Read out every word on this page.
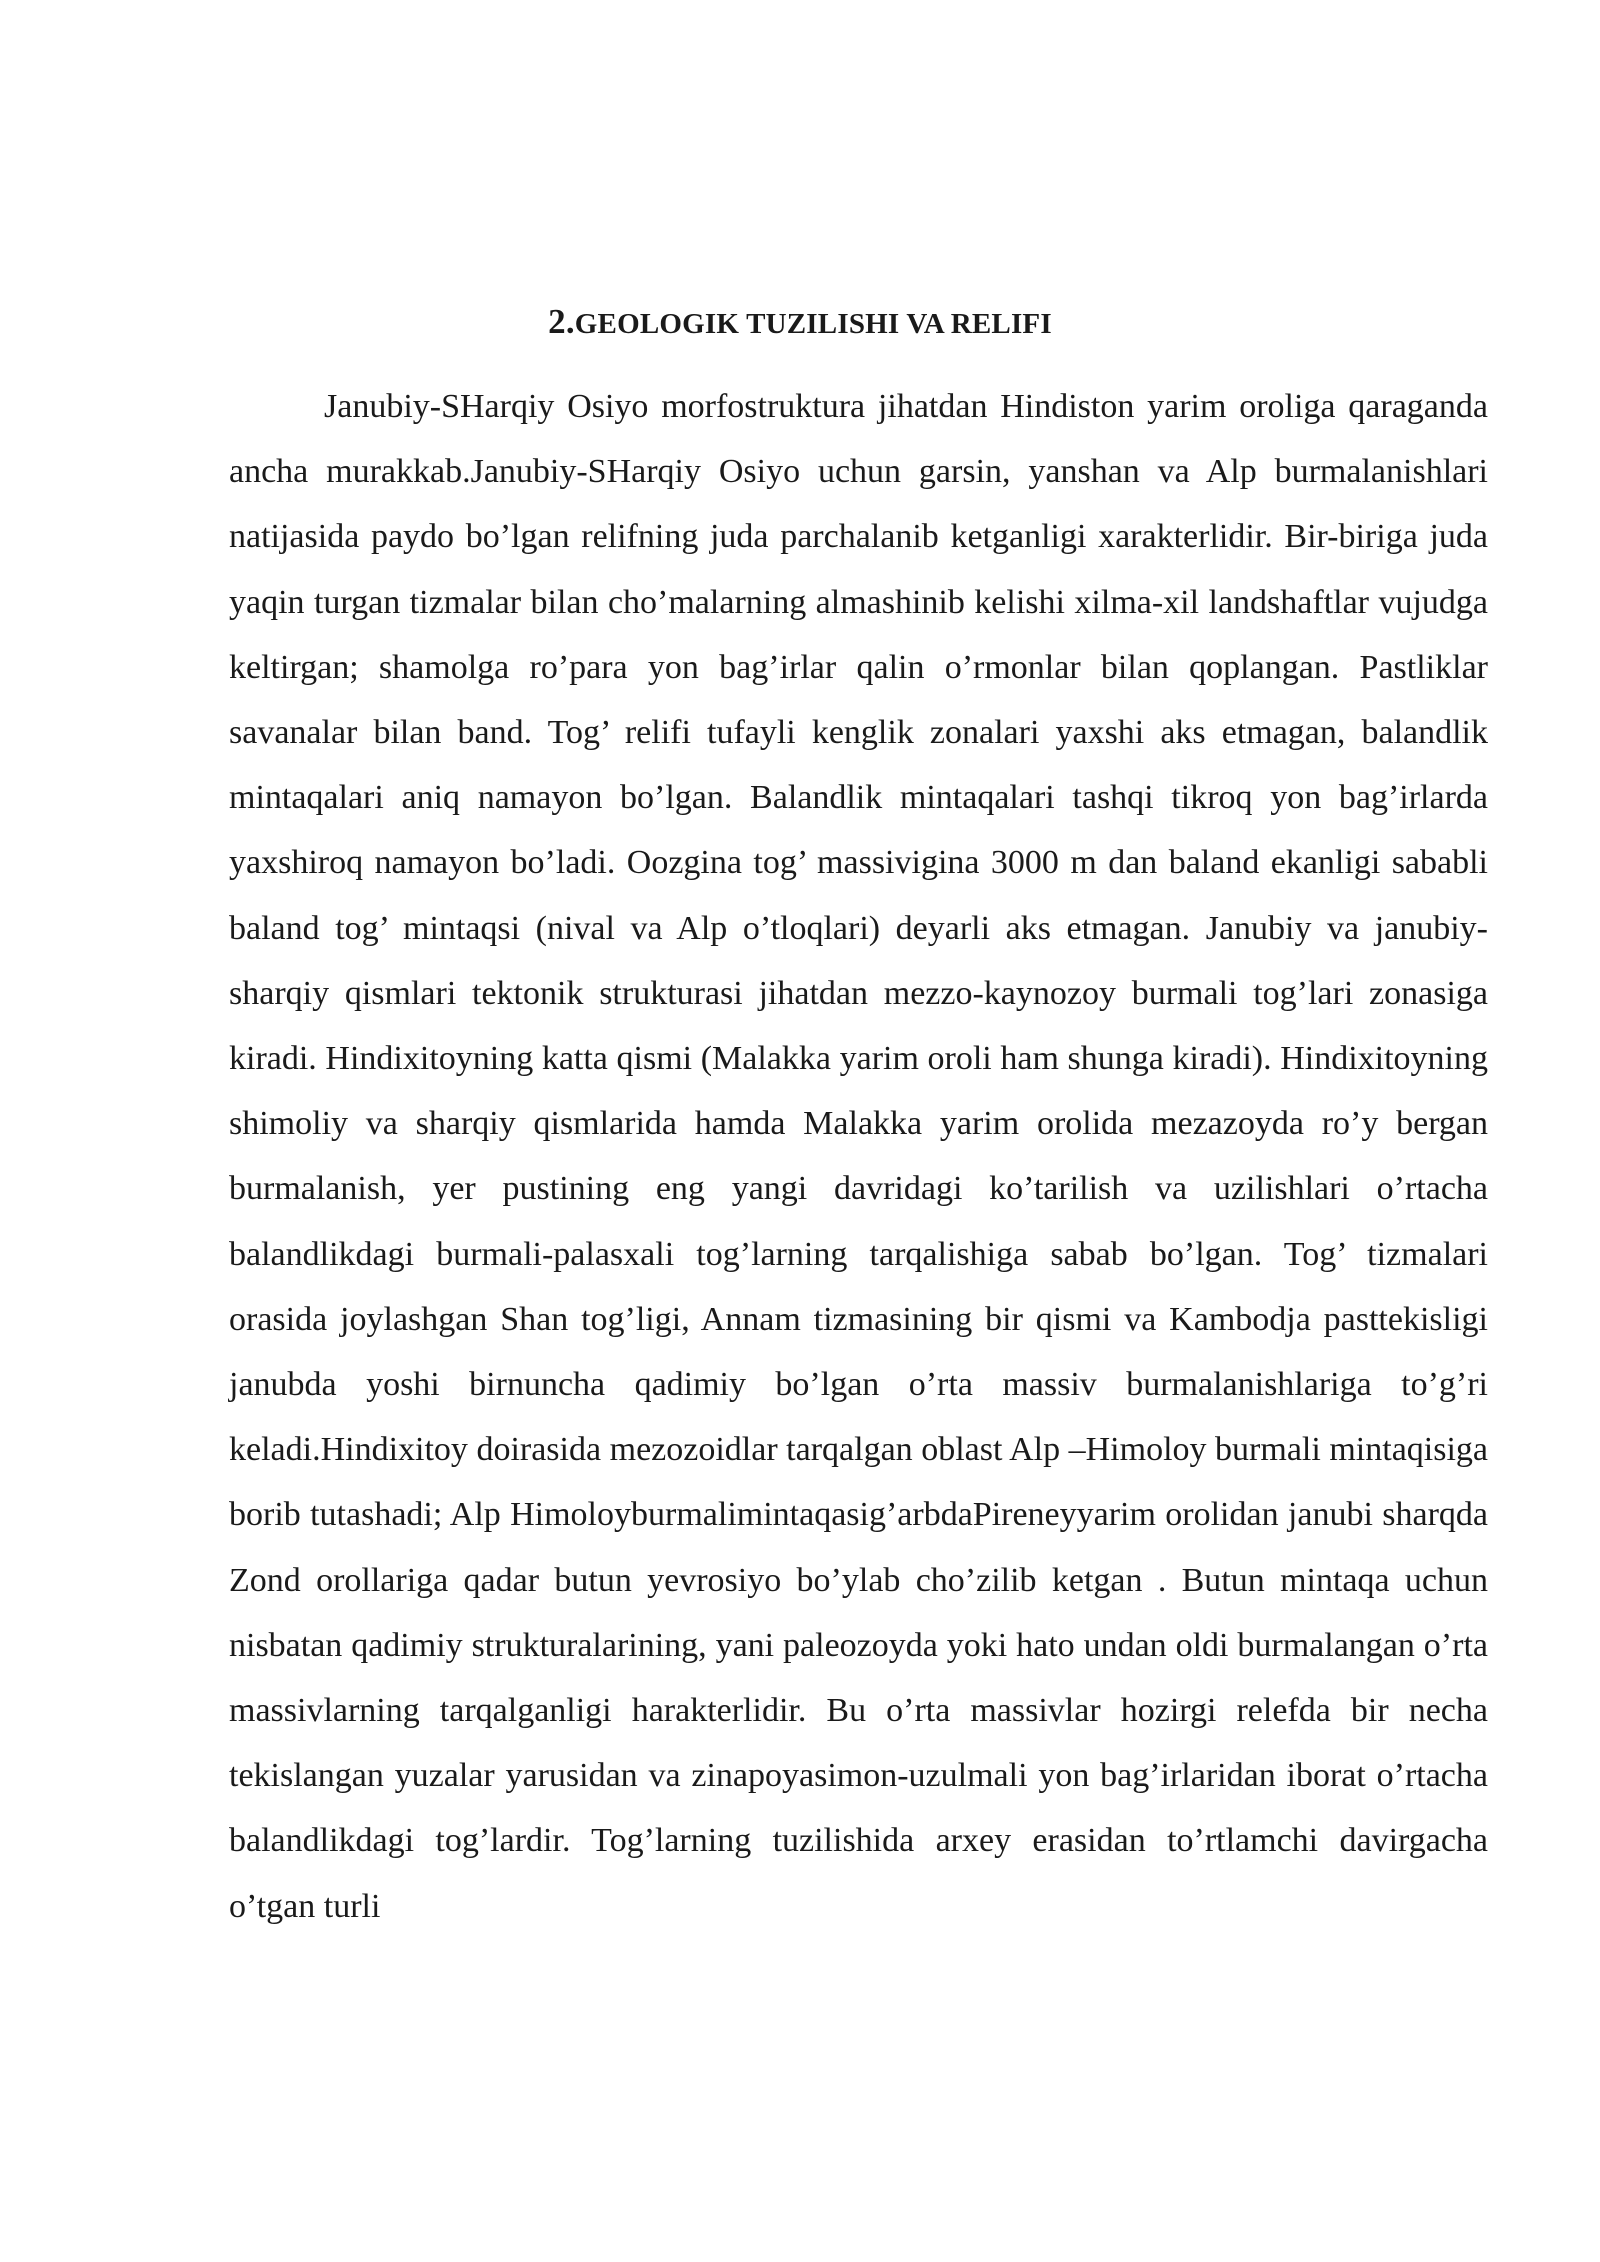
2.GEOLOGIK TUZILISHI VA RELIFI

Janubiy-SHarqiy Osiyo morfostruktura jihatdan Hindiston yarim oroliga qaraganda ancha murakkab.Janubiy-SHarqiy Osiyo uchun garsin, yanshan va Alp burmalanishlari natijasida paydo bo’lgan relifning juda parchalanib ketganligi xarakterlidir. Bir-biriga juda yaqin turgan tizmalar bilan cho’malarning almashinib kelishi xilma-xil landshaftlar vujudga keltirgan; shamolga ro’para yon bag’irlar qalin o’rmonlar bilan qoplangan. Pastliklar savanalar bilan band. Tog’ relifi tufayli kenglik zonalari yaxshi aks etmagan, balandlik mintaqalari aniq namayon bo’lgan. Balandlik mintaqalari tashqi tikroq yon bag’irlarda yaxshiroq namayon bo’ladi. Oozgina tog’ massivigina 3000 m dan baland ekanligi sababli baland tog’ mintaqsi (nival va Alp o’tloqlari) deyarli aks etmagan. Janubiy va janubiy-sharqiy qismlari tektonik strukturasi jihatdan mezzo-kaynozoy burmali tog’lari zonasiga kiradi. Hindixitoyning katta qismi (Malakka yarim oroli ham shunga kiradi). Hindixitoyning shimoliy va sharqiy qismlarida hamda Malakka yarim orolida mezazoyda ro’y bergan burmalanish, yer pustining eng yangi davridagi ko’tarilish va uzilishlari o’rtacha balandlikdagi burmali-palasxali tog’larning tarqalishiga sabab bo’lgan. Tog’ tizmalari orasida joylashgan Shan tog’ligi, Annam tizmasining bir qismi va Kambodja pasttekisligi janubda yoshi birnuncha qadimiy bo’lgan o’rta massiv burmalanishlariga to’g’ri keladi.Hindixitoy doirasida mezozoidlar tarqalgan oblast Alp –Himoloy burmali mintaqisiga borib tutashadi; Alp Himoloyburmalimintaqasig’arbdaPireneyyarim orolidan janubi sharqda Zond orollariga qadar butun yevrosiyo bo’ylab cho’zilib ketgan . Butun mintaqa uchun nisbatan qadimiy strukturalarining, yani paleozoyda yoki hato undan oldi burmalangan o’rta massivlarning tarqalganligi harakterlidir. Bu o’rta massivlar hozirgi relefda bir necha tekislangan yuzalar yarusidan va zinapoyasimon-uzulmali yon bag’irlaridan iborat o’rtacha balandlikdagi tog’lardir. Tog’larning tuzilishida arxey erasidan to’rtlamchi davirgacha o’tgan turli
